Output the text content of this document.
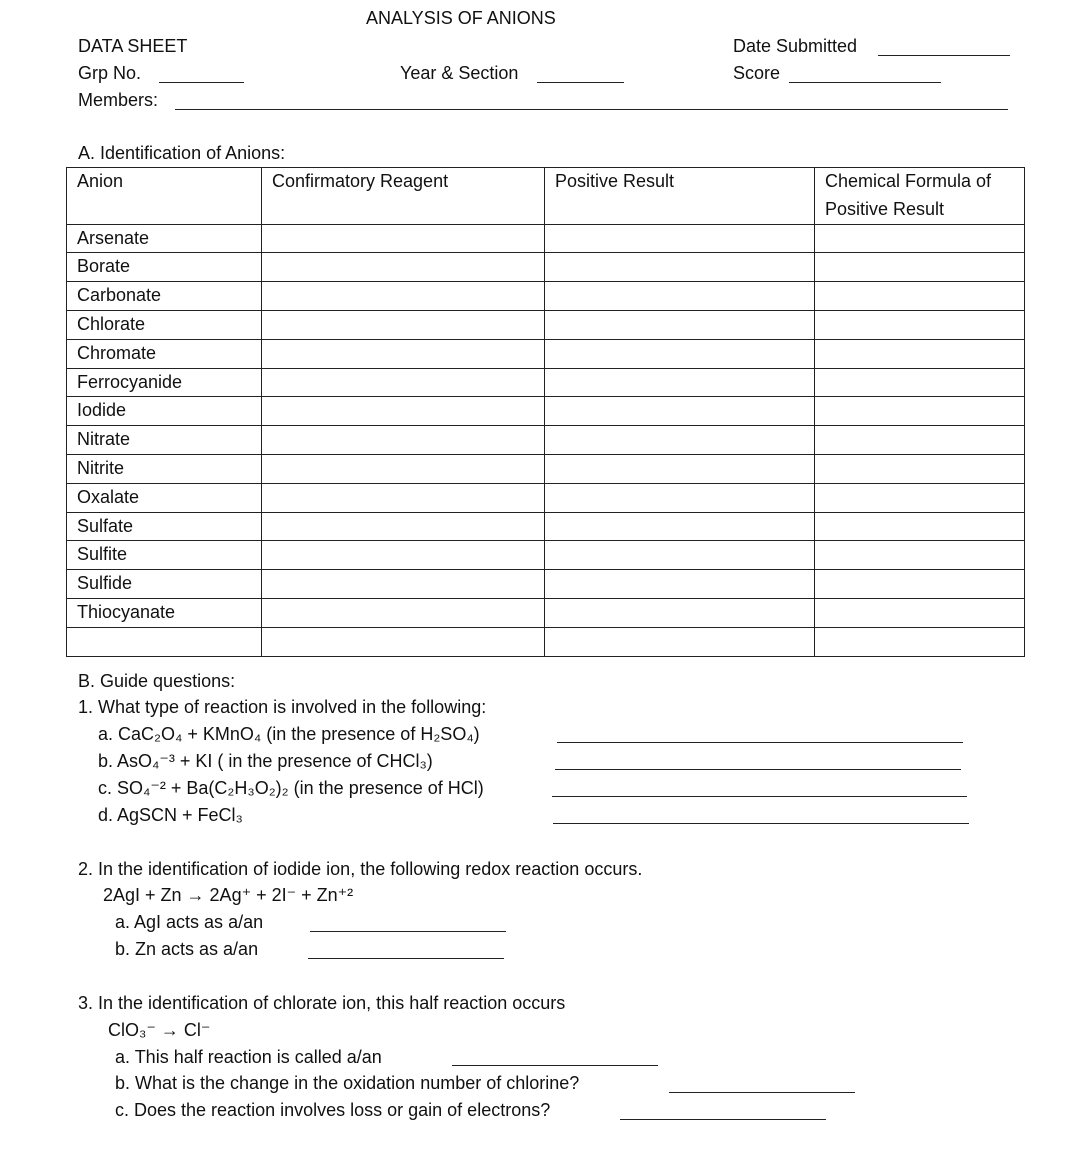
ANALYSIS OF ANIONS
DATA SHEET	Date Submitted
Grp No.	Year & Section	Score
Members:
A. Identification of Anions:
Anion	Confirmatory Reagent	Positive Result	Chemical Formula of Positive Result
Arsenate			
Borate			
Carbonate			
Chlorate			
Chromate			
Ferrocyanide			
Iodide			
Nitrate			
Nitrite			
Oxalate			
Sulfate			
Sulfite			
Sulfide			
Thiocyanate			

B. Guide questions:
1. What type of reaction is involved in the following:
a. CaC₂O₄ + KMnO₄ (in the presence of H₂SO₄)
b. AsO₄⁻³ + KI ( in the presence of CHCl₃)
c. SO₄⁻² + Ba(C₂H₃O₂)₂ (in the presence of HCl)
d. AgSCN + FeCl₃
2. In the identification of iodide ion, the following redox reaction occurs.
2AgI + Zn → 2Ag⁺ + 2I⁻ + Zn⁺²
a. AgI acts as a/an
b. Zn acts as a/an
3. In the identification of chlorate ion, this half reaction occurs
ClO₃⁻ → Cl⁻
a. This half reaction is called a/an
b. What is the change in the oxidation number of chlorine?
c. Does the reaction involves loss or gain of electrons?
